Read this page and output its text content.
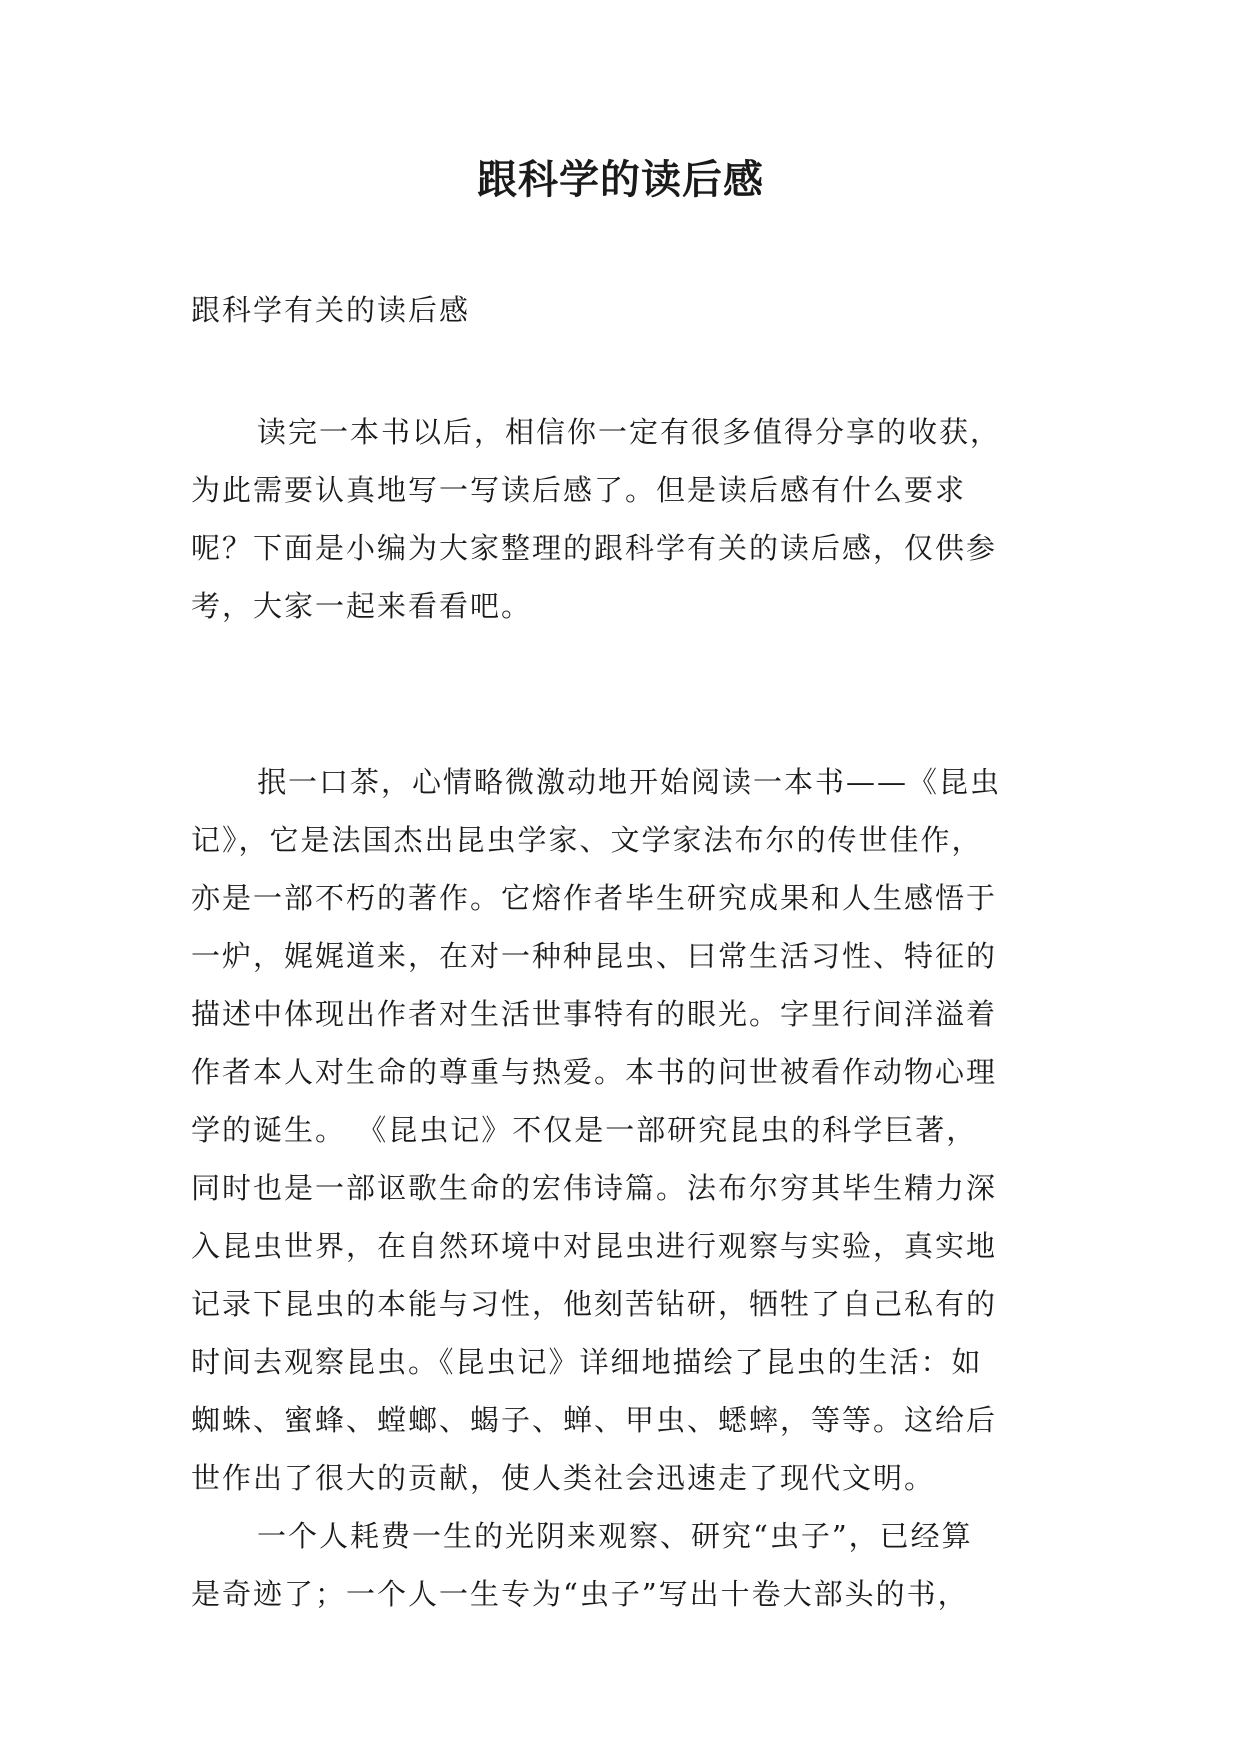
跟科学的读后感

跟科学有关的读后感

读完一本书以后，相信你一定有很多值得分享的收获，
为此需要认真地写一写读后感了。但是读后感有什么要求
呢？下面是小编为大家整理的跟科学有关的读后感，仅供参
考，大家一起来看看吧。
抿一口茶，心情略微激动地开始阅读一本书——《昆虫
记》，它是法国杰出昆虫学家、文学家法布尔的传世佳作，
亦是一部不朽的著作。它熔作者毕生研究成果和人生感悟于
一炉，娓娓道来，在对一种种昆虫、曰常生活习性、特征的
描述中体现出作者对生活世事特有的眼光。字里行间洋溢着
作者本人对生命的尊重与热爱。本书的问世被看作动物心理
学的诞生。 《昆虫记》不仅是一部研究昆虫的科学巨著，
同时也是一部讴歌生命的宏伟诗篇。法布尔穷其毕生精力深
入昆虫世界，在自然环境中对昆虫进行观察与实验，真实地
记录下昆虫的本能与习性，他刻苦钻研，牺牲了自己私有的
时间去观察昆虫。《昆虫记》详细地描绘了昆虫的生活：如
蜘蛛、蜜蜂、螳螂、蝎子、蝉、甲虫、蟋蟀，等等。这给后
世作出了很大的贡献，使人类社会迅速走了现代文明。
一个人耗费一生的光阴来观察、研究“虫子”，已经算
是奇迹了；一个人一生专为“虫子”写出十卷大部头的书，
